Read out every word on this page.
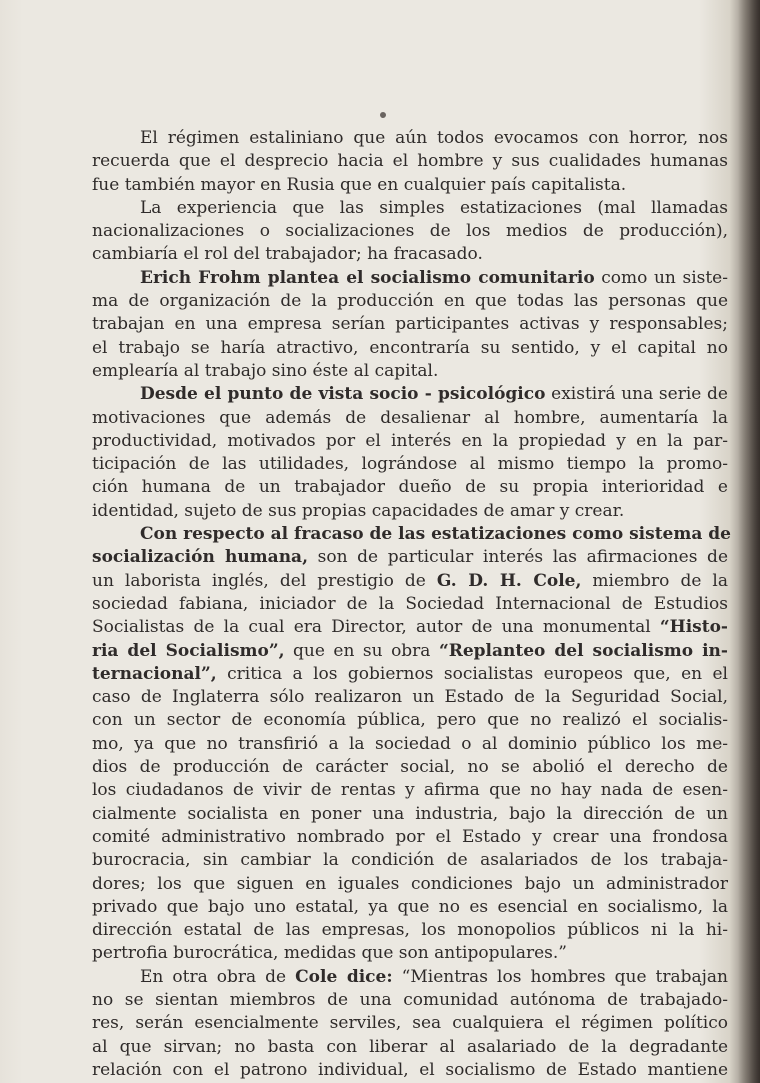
El régimen estaliniano que aún todos evocamos con horror, nos
recuerda que el desprecio hacia el hombre y sus cualidades humanas
fue también mayor en Rusia que en cualquier país capitalista.
La experiencia que las simples estatizaciones (mal llamadas
nacionalizaciones o socializaciones de los medios de producción),
cambiaría el rol del trabajador; ha fracasado.
Erich Frohm plantea el socialismo comunitario como un siste-
ma de organización de la producción en que todas las personas que
trabajan en una empresa serían participantes activas y responsables;
el trabajo se haría atractivo, encontraría su sentido, y el capital no
emplearía al trabajo sino éste al capital.
Desde el punto de vista socio - psicológico existirá una serie de
motivaciones que además de desalienar al hombre, aumentaría la
productividad, motivados por el interés en la propiedad y en la par-
ticipación de las utilidades, lográndose al mismo tiempo la promo-
ción humana de un trabajador dueño de su propia interioridad e
identidad, sujeto de sus propias capacidades de amar y crear.
Con respecto al fracaso de las estatizaciones como sistema de
socialización humana, son de particular interés las afirmaciones de
un laborista inglés, del prestigio de G. D. H. Cole, miembro de la
sociedad fabiana, iniciador de la Sociedad Internacional de Estudios
Socialistas de la cual era Director, autor de una monumental “Histo-
ria del Socialismo”, que en su obra “Replanteo del socialismo in-
ternacional”, critica a los gobiernos socialistas europeos que, en el
caso de Inglaterra sólo realizaron un Estado de la Seguridad Social,
con un sector de economía pública, pero que no realizó el socialis-
mo, ya que no transfirió a la sociedad o al dominio público los me-
dios de producción de carácter social, no se abolió el derecho de
los ciudadanos de vivir de rentas y afirma que no hay nada de esen-
cialmente socialista en poner una industria, bajo la dirección de un
comité administrativo nombrado por el Estado y crear una frondosa
burocracia, sin cambiar la condición de asalariados de los trabaja-
dores; los que siguen en iguales condiciones bajo un administrador
privado que bajo uno estatal, ya que no es esencial en socialismo, la
dirección estatal de las empresas, los monopolios públicos ni la hi-
pertrofia burocrática, medidas que son antipopulares.”
En otra obra de Cole dice: “Mientras los hombres que trabajan
no se sientan miembros de una comunidad autónoma de trabajado-
res, serán esencialmente serviles, sea cualquiera el régimen político
al que sirvan; no basta con liberar al asalariado de la degradante
relación con el patrono individual, el socialismo de Estado mantiene
